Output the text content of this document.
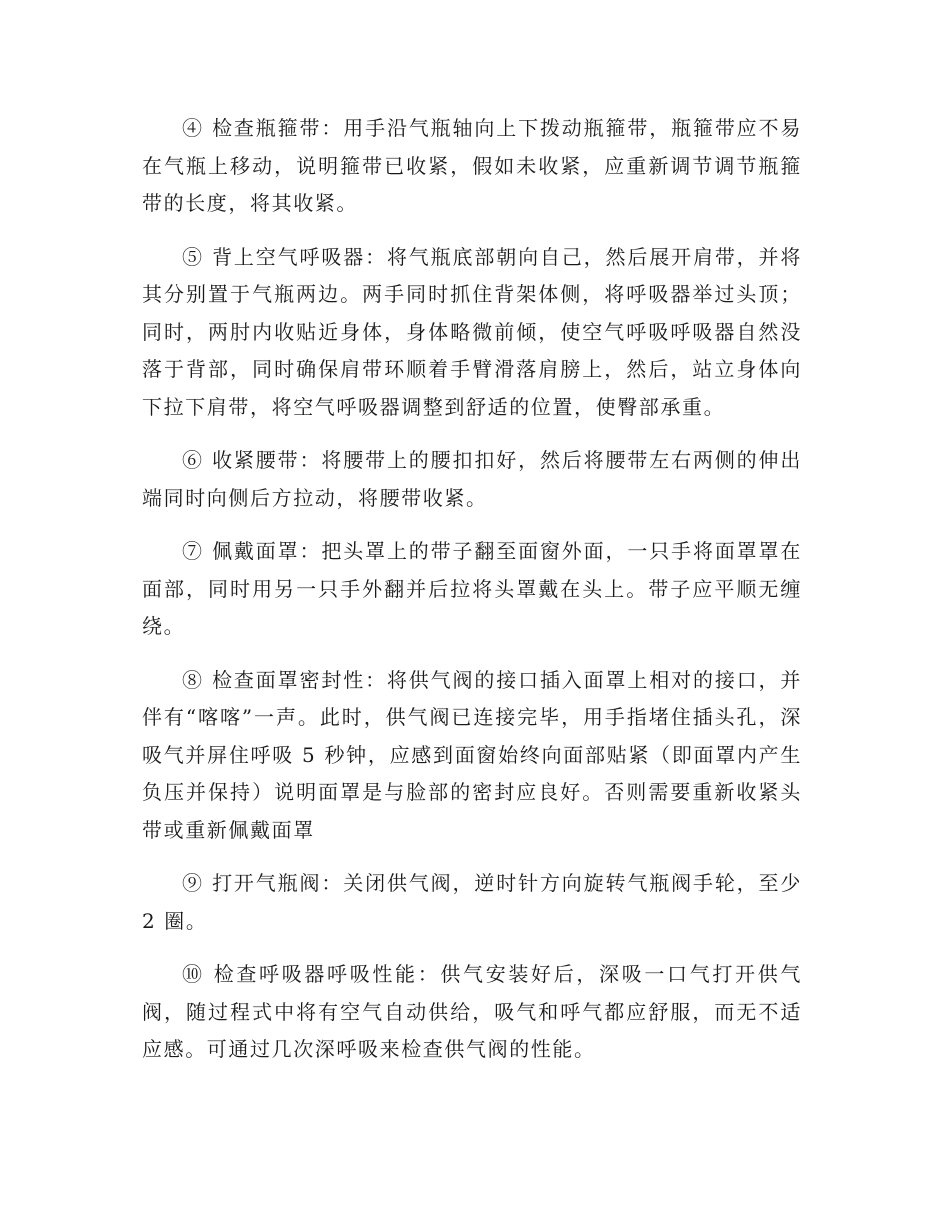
④ 检查瓶箍带：用手沿气瓶轴向上下拨动瓶箍带，瓶箍带应不易在气瓶上移动，说明箍带已收紧，假如未收紧，应重新调节调节瓶箍带的长度，将其收紧。

⑤ 背上空气呼吸器：将气瓶底部朝向自己，然后展开肩带，并将其分别置于气瓶两边。两手同时抓住背架体侧，将呼吸器举过头顶；同时，两肘内收贴近身体，身体略微前倾，使空气呼吸呼吸器自然没落于背部，同时确保肩带环顺着手臂滑落肩膀上，然后，站立身体向下拉下肩带，将空气呼吸器调整到舒适的位置，使臀部承重。

⑥ 收紧腰带：将腰带上的腰扣扣好，然后将腰带左右两侧的伸出端同时向侧后方拉动，将腰带收紧。

⑦ 佩戴面罩：把头罩上的带子翻至面窗外面，一只手将面罩罩在面部，同时用另一只手外翻并后拉将头罩戴在头上。带子应平顺无缠绕。

⑧ 检查面罩密封性：将供气阀的接口插入面罩上相对的接口，并伴有“喀喀”一声。此时，供气阀已连接完毕，用手指堵住插头孔，深吸气并屏住呼吸 5 秒钟，应感到面窗始终向面部贴紧（即面罩内产生负压并保持）说明面罩是与脸部的密封应良好。否则需要重新收紧头带或重新佩戴面罩

⑨ 打开气瓶阀：关闭供气阀，逆时针方向旋转气瓶阀手轮，至少 2 圈。

⑩ 检查呼吸器呼吸性能：供气安装好后，深吸一口气打开供气阀，随过程式中将有空气自动供给，吸气和呼气都应舒服，而无不适应感。可通过几次深呼吸来检查供气阀的性能。
